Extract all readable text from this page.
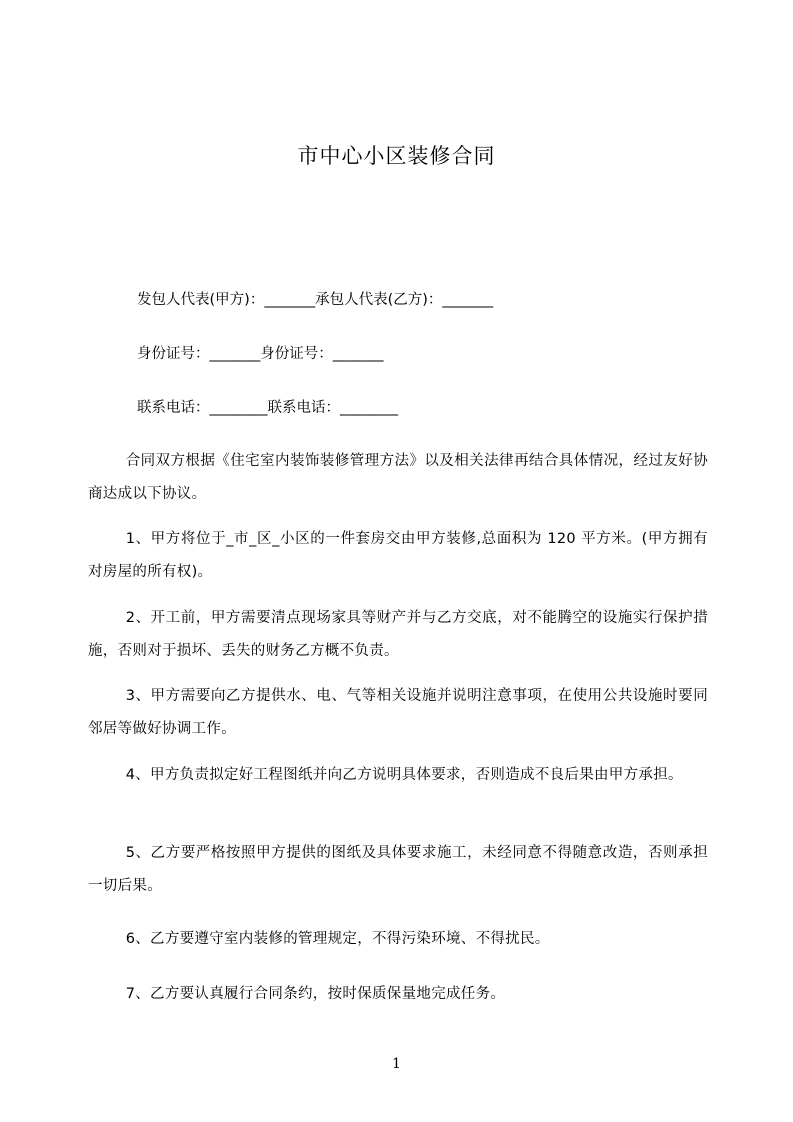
市中心小区装修合同
发包人代表(甲方)：_______承包人代表(乙方)：_______
身份证号：_______身份证号：_______
联系电话：________联系电话：________
合同双方根据《住宅室内装饰装修管理方法》以及相关法律再结合具体情况，经过友好协商达成以下协议。
1、甲方将位于_市_区_小区的一件套房交由甲方装修,总面积为 120 平方米。(甲方拥有对房屋的所有权)。
2、开工前，甲方需要清点现场家具等财产并与乙方交底，对不能腾空的设施实行保护措施，否则对于损坏、丢失的财务乙方概不负责。
3、甲方需要向乙方提供水、电、气等相关设施并说明注意事项，在使用公共设施时要同邻居等做好协调工作。
4、甲方负责拟定好工程图纸并向乙方说明具体要求，否则造成不良后果由甲方承担。
5、乙方要严格按照甲方提供的图纸及具体要求施工，未经同意不得随意改造，否则承担一切后果。
6、乙方要遵守室内装修的管理规定，不得污染环境、不得扰民。
7、乙方要认真履行合同条约，按时保质保量地完成任务。
1
